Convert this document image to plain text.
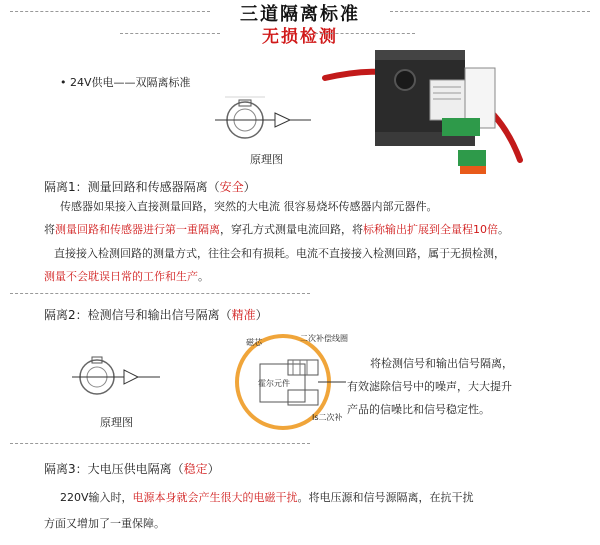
三道隔离标准
无损检测
• 24V供电——双隔离标准
原理图
隔离1：测量回路和传感器隔离（安全）

传感器如果接入直接测量回路，突然的大电流 很容易烧坏传感器内部元器件。

将测量回路和传感器进行第一重隔离，穿孔方式测量电流回路，将标称输出扩展到全量程10倍。

直接接入检测回路的测量方式，往往会和有损耗。电流不直接接入检测回路，属于无损检测，

测量不会耽误日常的工作和生产。

隔离2：检测信号和输出信号隔离（精准）
原理图
磁芯	二次补偿线圈
霍尔元件
Is二次补

将检测信号和输出信号隔离，

有效滤除信号中的噪声，大大提升

产品的信噪比和信号稳定性。

隔离3：大电压供电隔离（稳定）

220V输入时，电源本身就会产生很大的电磁干扰。将电压源和信号源隔离，在抗干扰

方面又增加了一重保障。
